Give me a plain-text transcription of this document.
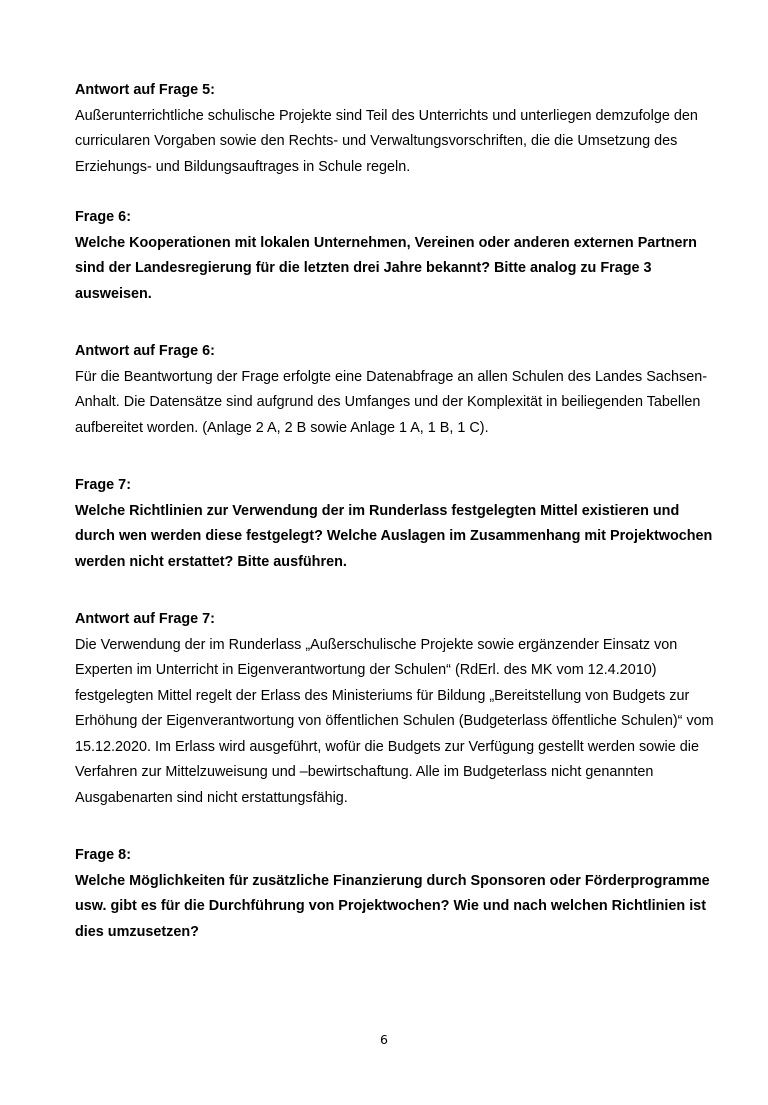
Antwort auf Frage 5:
Außerunterrichtliche schulische Projekte sind Teil des Unterrichts und unterliegen demzufolge den curricularen Vorgaben sowie den Rechts- und Verwaltungsvorschriften, die die Umsetzung des Erziehungs- und Bildungsauftrages in Schule regeln.
Frage 6:
Welche Kooperationen mit lokalen Unternehmen, Vereinen oder anderen externen Partnern sind der Landesregierung für die letzten drei Jahre bekannt? Bitte analog zu Frage 3 ausweisen.
Antwort auf Frage 6:
Für die Beantwortung der Frage erfolgte eine Datenabfrage an allen Schulen des Landes Sachsen-Anhalt. Die Datensätze sind aufgrund des Umfanges und der Komplexität in beiliegenden Tabellen aufbereitet worden. (Anlage 2 A, 2 B sowie Anlage 1 A, 1 B, 1 C).
Frage 7:
Welche Richtlinien zur Verwendung der im Runderlass festgelegten Mittel existieren und durch wen werden diese festgelegt? Welche Auslagen im Zusammenhang mit Projektwochen werden nicht erstattet? Bitte ausführen.
Antwort auf Frage 7:
Die Verwendung der im Runderlass „Außerschulische Projekte sowie ergänzender Einsatz von Experten im Unterricht in Eigenverantwortung der Schulen“ (RdErl. des MK vom 12.4.2010) festgelegten Mittel regelt der Erlass des Ministeriums für Bildung „Bereitstellung von Budgets zur Erhöhung der Eigenverantwortung von öffentlichen Schulen (Budgeterlass öffentliche Schulen)“ vom 15.12.2020. Im Erlass wird ausgeführt, wofür die Budgets zur Verfügung gestellt werden sowie die Verfahren zur Mittelzuweisung und –bewirtschaftung. Alle im Budgeterlass nicht genannten Ausgabenarten sind nicht erstattungsfähig.
Frage 8:
Welche Möglichkeiten für zusätzliche Finanzierung durch Sponsoren oder Förderprogramme usw. gibt es für die Durchführung von Projektwochen? Wie und nach welchen Richtlinien ist dies umzusetzen?
6
